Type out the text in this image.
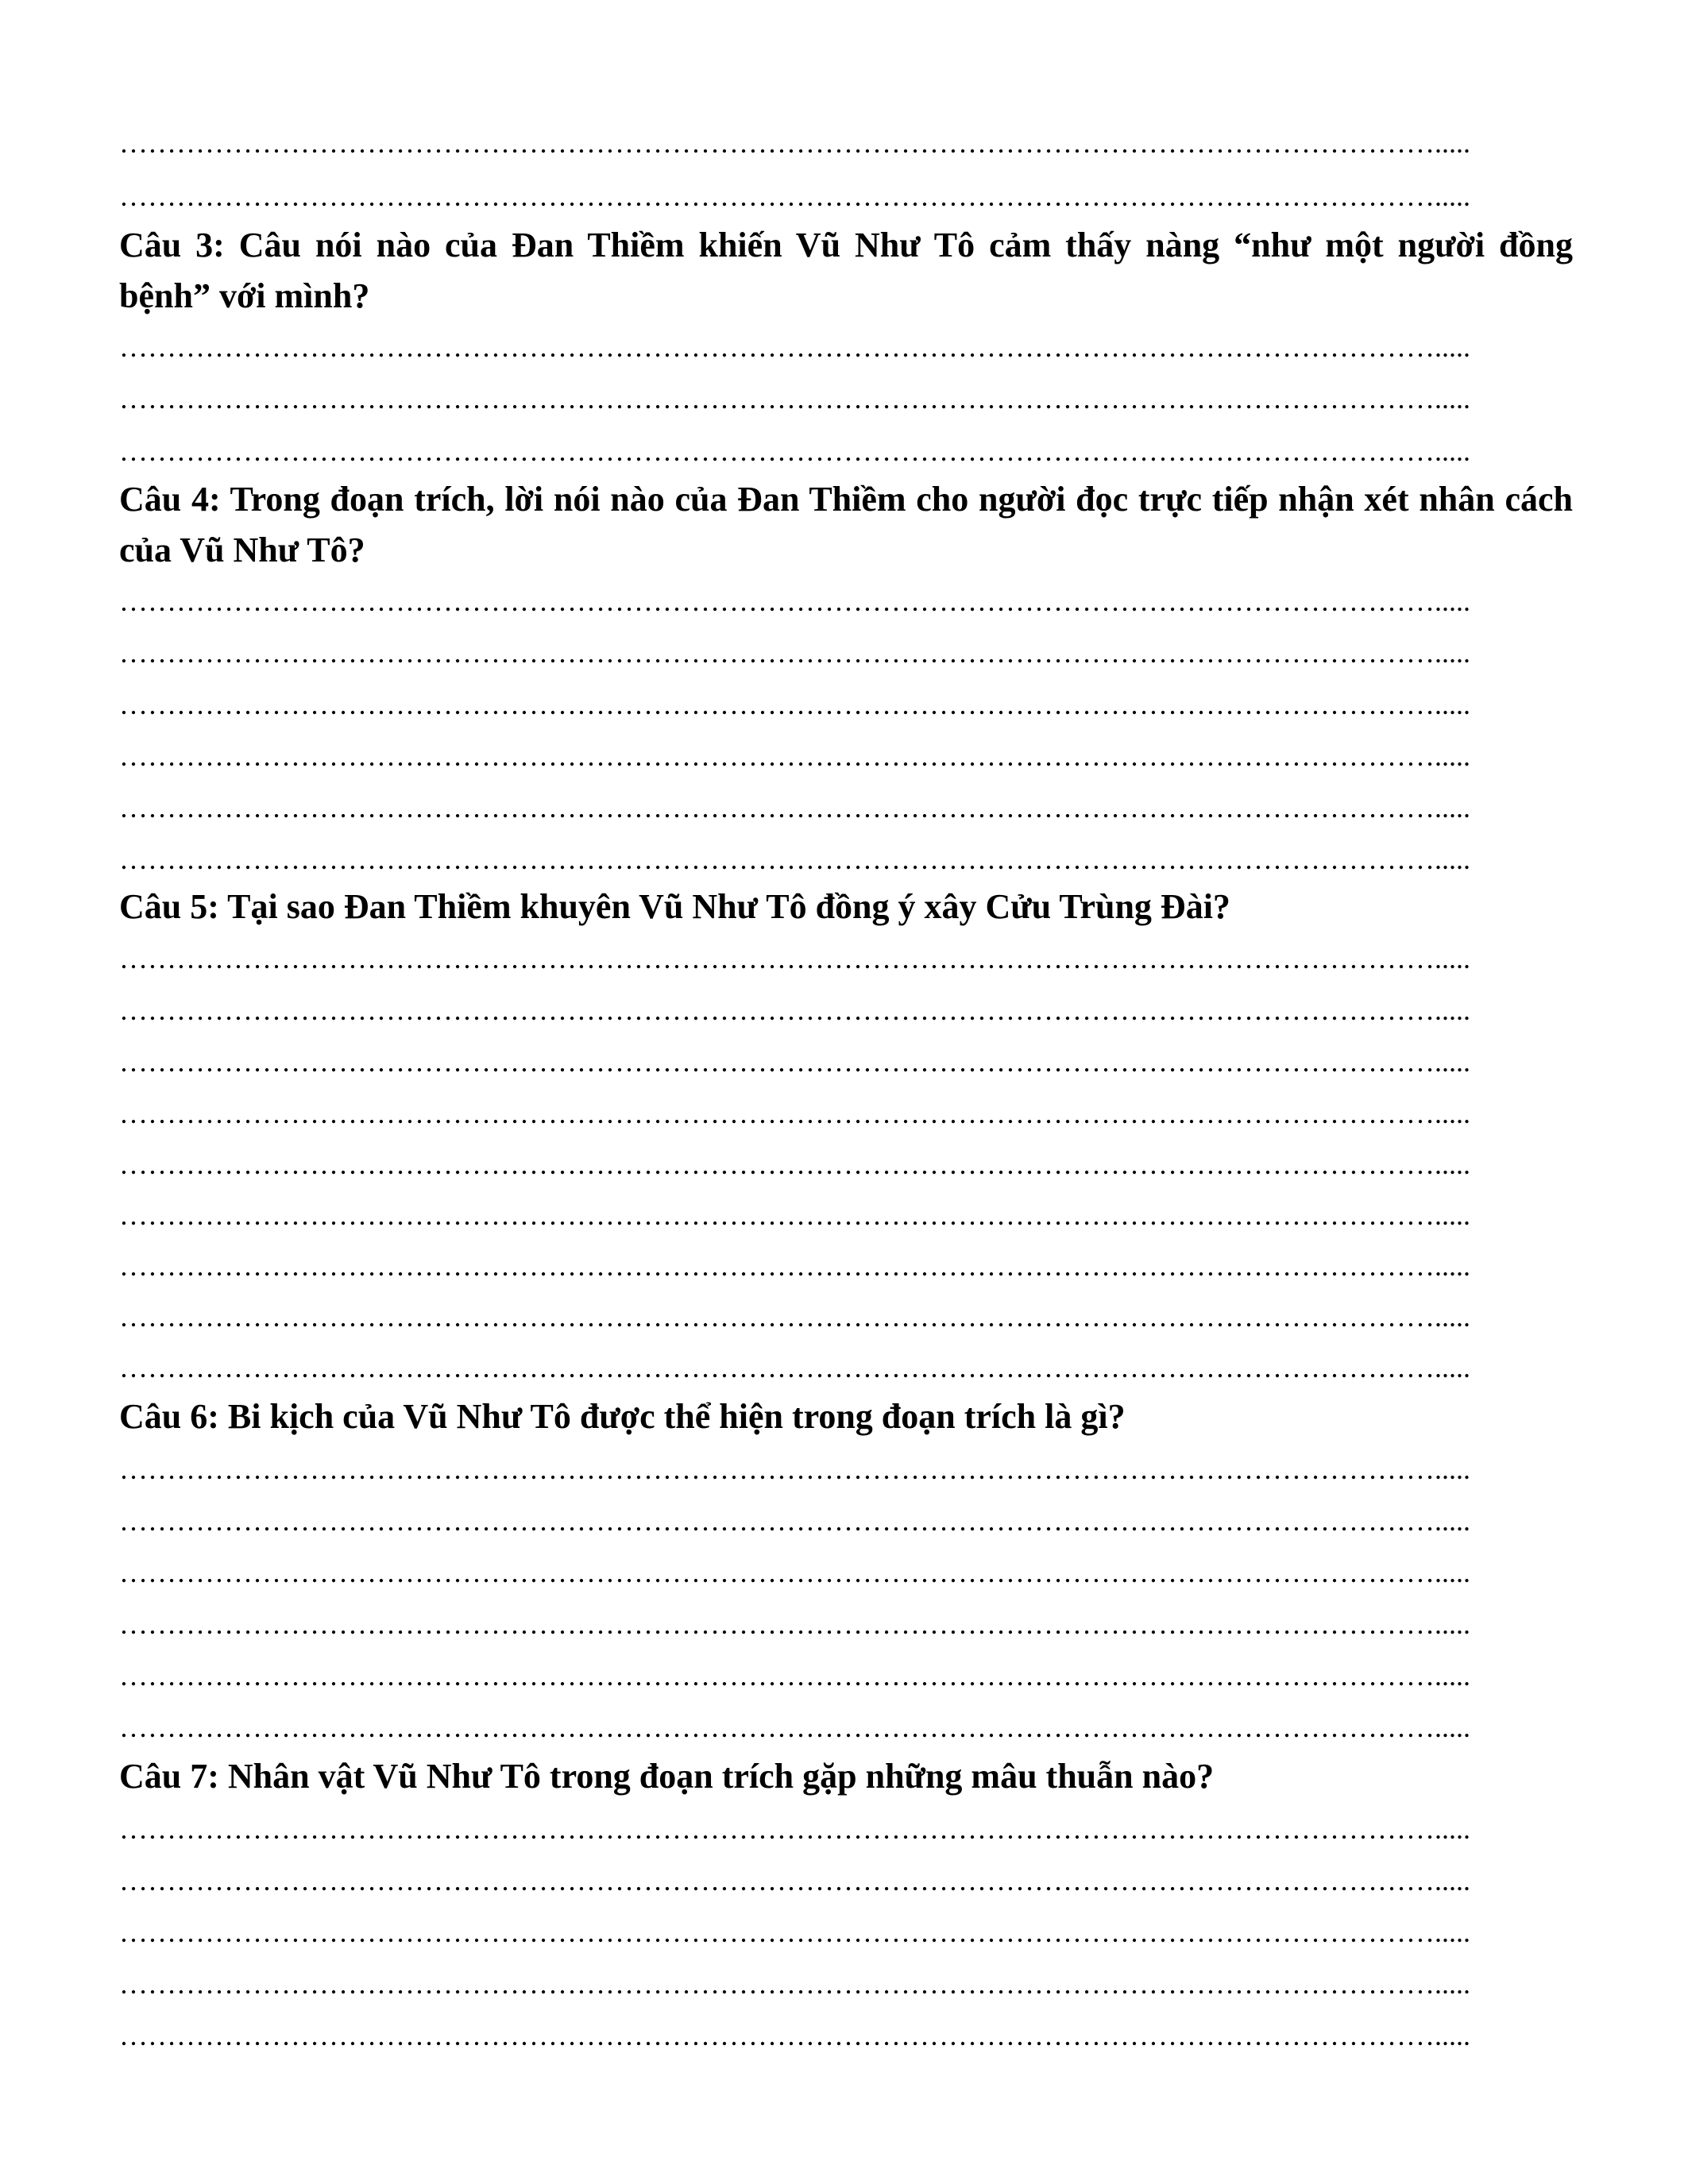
………………………………………………………………………………………………………………………….....
………………………………………………………………………………………………………………………….....
Câu 3: Câu nói nào của Đan Thiềm khiến Vũ Như Tô cảm thấy nàng “như một người đồng bệnh” với mình?
………………………………………………………………………………………………………………………….....
………………………………………………………………………………………………………………………….....
………………………………………………………………………………………………………………………….....
Câu 4: Trong đoạn trích, lời nói nào của Đan Thiềm cho người đọc trực tiếp nhận xét nhân cách của Vũ Như Tô?
………………………………………………………………………………………………………………………….....
………………………………………………………………………………………………………………………….....
………………………………………………………………………………………………………………………….....
………………………………………………………………………………………………………………………….....
………………………………………………………………………………………………………………………….....
………………………………………………………………………………………………………………………….....
Câu 5: Tại sao Đan Thiềm khuyên Vũ Như Tô đồng ý xây Cửu Trùng Đài?
………………………………………………………………………………………………………………………….....
………………………………………………………………………………………………………………………….....
………………………………………………………………………………………………………………………….....
………………………………………………………………………………………………………………………….....
………………………………………………………………………………………………………………………….....
………………………………………………………………………………………………………………………….....
………………………………………………………………………………………………………………………….....
………………………………………………………………………………………………………………………….....
………………………………………………………………………………………………………………………….....
Câu 6: Bi kịch của Vũ Như Tô được thể hiện trong đoạn trích là gì?
………………………………………………………………………………………………………………………….....
………………………………………………………………………………………………………………………….....
………………………………………………………………………………………………………………………….....
………………………………………………………………………………………………………………………….....
………………………………………………………………………………………………………………………….....
………………………………………………………………………………………………………………………….....
Câu 7: Nhân vật Vũ Như Tô trong đoạn trích gặp những mâu thuẫn nào?
………………………………………………………………………………………………………………………….....
………………………………………………………………………………………………………………………….....
………………………………………………………………………………………………………………………….....
………………………………………………………………………………………………………………………….....
………………………………………………………………………………………………………………………….....
